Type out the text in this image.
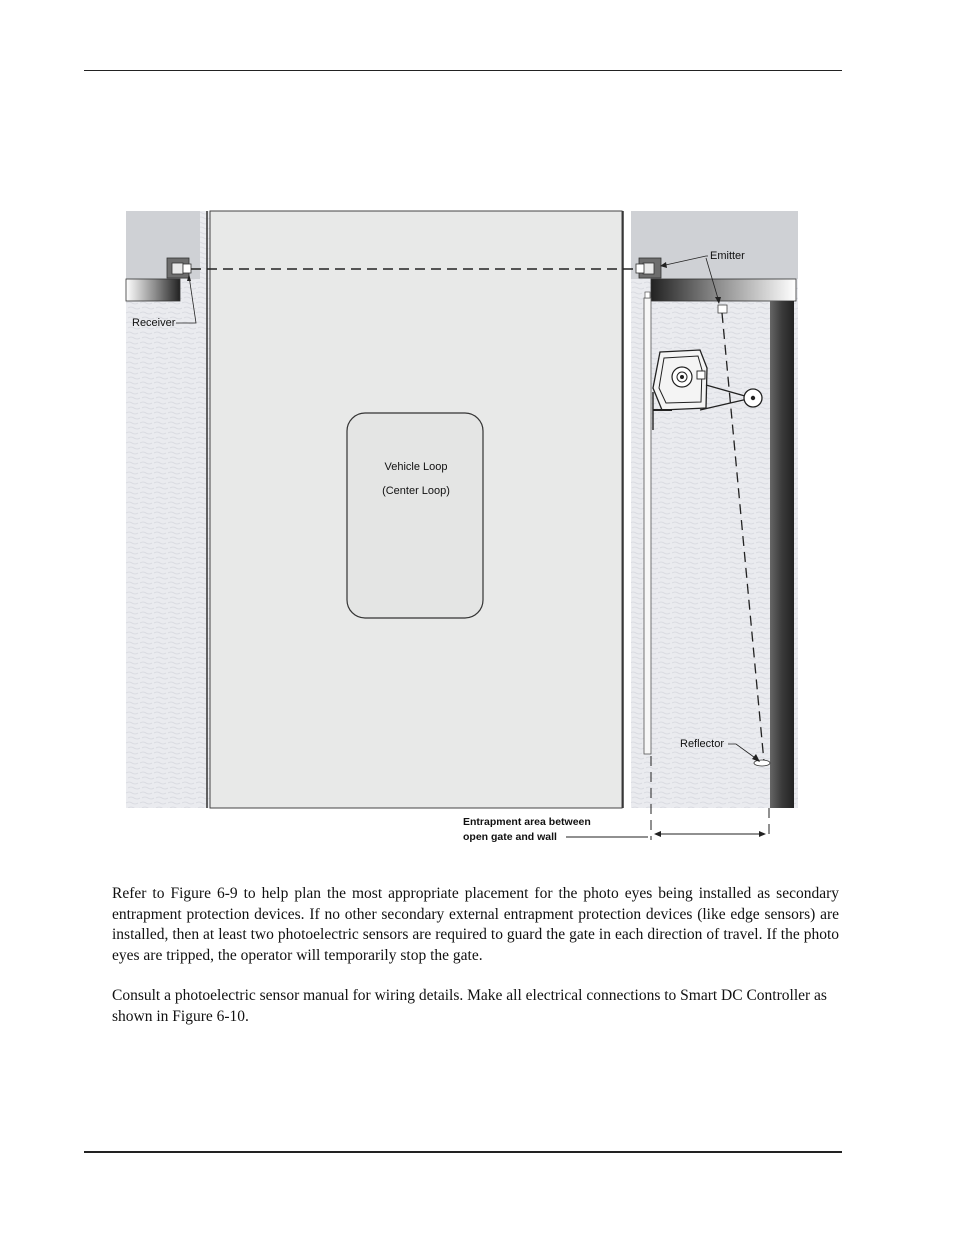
Receiver
Emitter
Reflector
Vehicle Loop
(Center Loop)
Entrapment area between
open gate and wall

Refer to Figure 6-9 to help plan the most appropriate placement for the photo eyes being installed as secondary entrapment protection devices. If no other secondary external entrapment protection devices (like edge sensors) are installed, then at least two photoelectric sensors are required to guard the gate in each direction of travel. If the photo eyes are tripped, the operator will temporarily stop the gate.

Consult a photoelectric sensor manual for wiring details. Make all electrical connections to Smart DC Controller as shown in Figure 6-10.
